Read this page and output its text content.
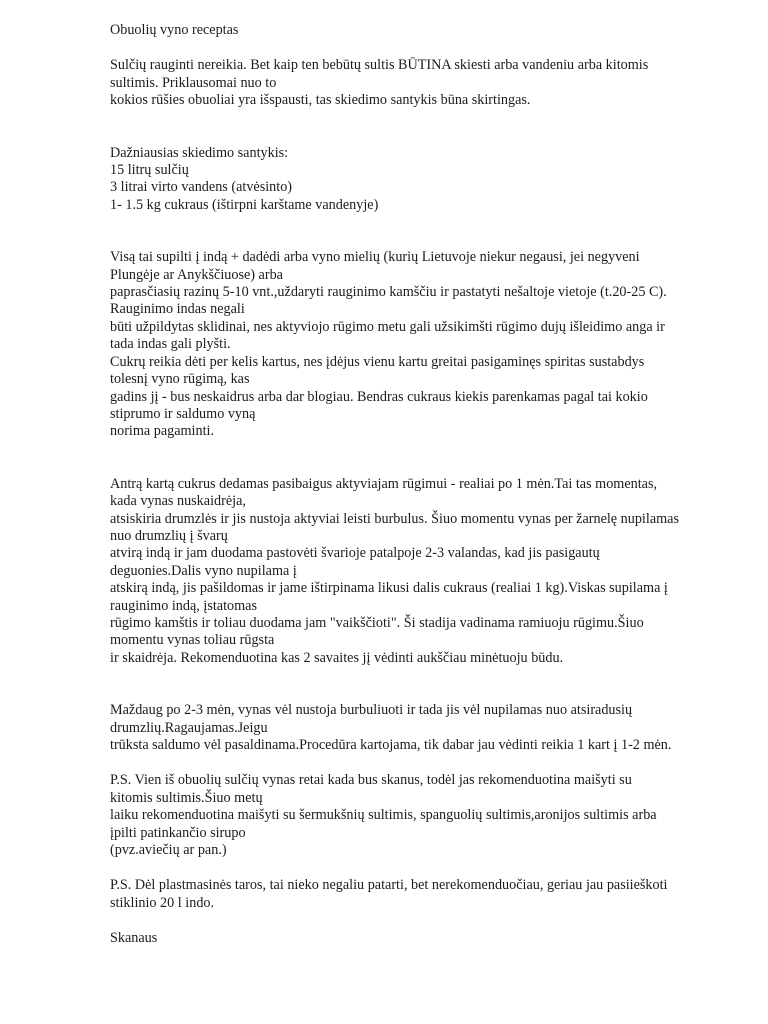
Obuolių vyno receptas
Sulčių rauginti nereikia. Bet kaip ten bebūtų sultis BŪTINA skiesti arba vandeniu arba kitomis
sultimis. Priklausomai nuo to
kokios rūšies obuoliai yra išspausti, tas skiedimo santykis būna skirtingas.
Dažniausias skiedimo santykis:
15 litrų sulčių
3 litrai virto vandens (atvėsinto)
1- 1.5 kg cukraus (ištirpni karštame vandenyje)
Visą tai supilti į indą + dadėdi arba vyno mielių (kurių Lietuvoje niekur negausi, jei negyveni
Plungėje ar Anykščiuose) arba
paprasčiasių razinų 5-10 vnt.,uždaryti rauginimo kamščiu ir pastatyti nešaltoje vietoje (t.20-25 C).
Rauginimo indas negali
būti užpildytas sklidinai, nes aktyviojo rūgimo metu gali užsikimšti rūgimo dujų išleidimo anga ir
tada indas gali plyšti.
Cukrų reikia dėti per kelis kartus, nes įdėjus vienu kartu greitai pasigaminęs spiritas sustabdys
tolesnį vyno rūgimą, kas
gadins jį - bus neskaidrus arba dar blogiau. Bendras cukraus kiekis parenkamas pagal tai kokio
stiprumo ir saldumo vyną
norima pagaminti.
Antrą kartą cukrus dedamas pasibaigus aktyviajam rūgimui - realiai po 1 mėn.Tai tas momentas,
kada vynas nuskaidrėja,
atsiskiria drumzlės ir jis nustoja aktyviai leisti burbulus. Šiuo momentu vynas per žarnelę nupilamas
nuo drumzlių į švarų
atvirą indą ir jam duodama pastovėti švarioje patalpoje 2-3 valandas, kad jis pasigautų
deguonies.Dalis vyno nupilama į
atskirą indą, jis pašildomas ir jame ištirpinama likusi dalis cukraus (realiai 1 kg).Viskas supilama į
rauginimo indą, įstatomas
rūgimo kamštis ir toliau duodama jam "vaikščioti". Ši stadija vadinama ramiuoju rūgimu.Šiuo
momentu vynas toliau rūgsta
ir skaidrėja. Rekomenduotina kas 2 savaites jį vėdinti aukščiau minėtuoju būdu.
Maždaug po 2-3 mėn, vynas vėl nustoja burbuliuoti ir tada jis vėl nupilamas nuo atsiradusių
drumzlių.Ragaujamas.Jeigu
trūksta saldumo vėl pasaldinama.Procedūra kartojama, tik dabar jau vėdinti reikia 1 kart į 1-2 mėn.
P.S. Vien iš obuolių sulčių vynas retai kada bus skanus, todėl jas rekomenduotina maišyti su
kitomis sultimis.Šiuo metų
laiku rekomenduotina maišyti su šermukšnių sultimis, spanguolių sultimis,aronijos sultimis arba
įpilti patinkančio sirupo
(pvz.aviečių ar pan.)
P.S. Dėl plastmasinės taros, tai nieko negaliu patarti, bet nerekomenduočiau, geriau jau pasiieškoti
stiklinio 20 l indo.
Skanaus
